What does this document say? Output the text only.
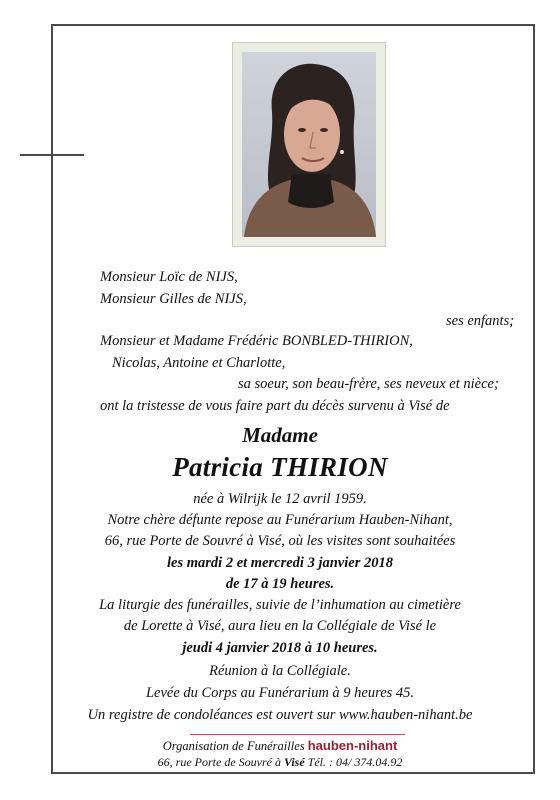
Monsieur Loïc de NIJS,
Monsieur Gilles de NIJS,
ses enfants;
Monsieur et Madame Frédéric BONBLED-THIRION,
Nicolas, Antoine et Charlotte,
sa soeur, son beau-frère, ses neveux et nièce;
ont la tristesse de vous faire part du décès survenu à Visé de
Madame
Patricia THIRION
née à Wilrijk le 12 avril 1959.
Notre chère défunte repose au Funérarium Hauben-Nihant,
66, rue Porte de Souvré à Visé, où les visites sont souhaitées
les mardi 2 et mercredi 3 janvier 2018
de 17 à 19 heures.
La liturgie des funérailles, suivie de l’inhumation au cimetière
de Lorette à Visé, aura lieu en la Collégiale de Visé le
jeudi 4 janvier 2018 à 10 heures.
Réunion à la Collégiale.
Levée du Corps au Funérarium à 9 heures 45.
Un registre de condoléances est ouvert sur www.hauben-nihant.be
Organisation de Funérailles hauben-nihant
66, rue Porte de Souvré à Visé Tél. : 04/ 374.04.92
